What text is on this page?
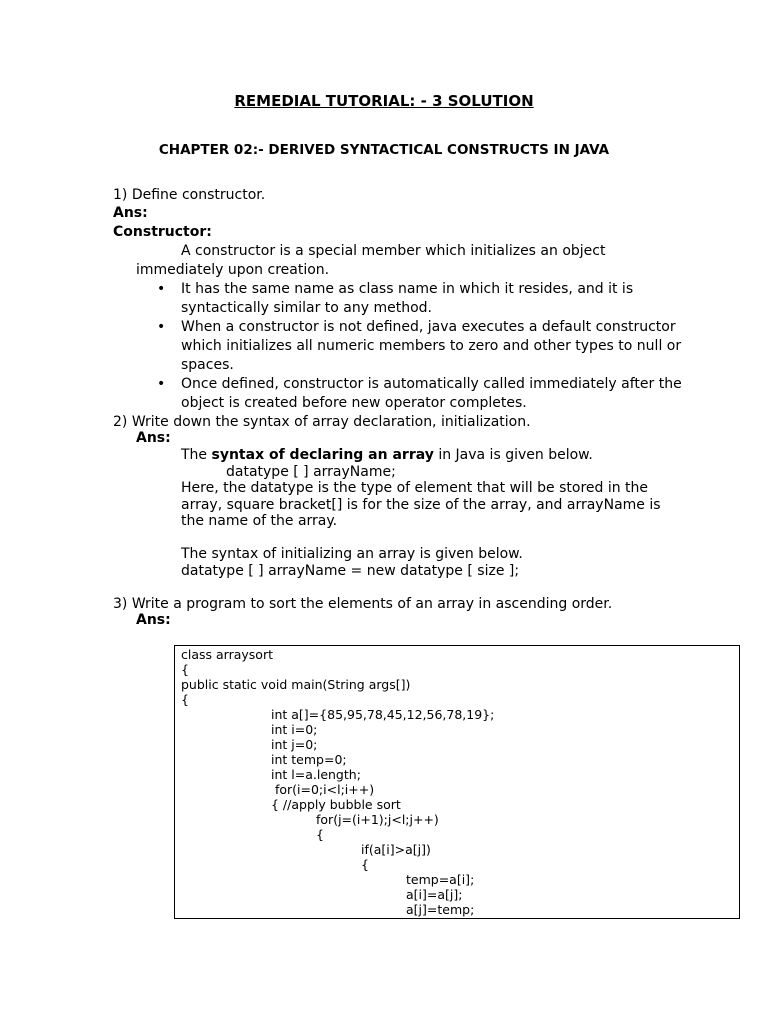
REMEDIAL TUTORIAL: - 3 SOLUTION
CHAPTER 02:- DERIVED SYNTACTICAL CONSTRUCTS IN JAVA
1) Define constructor.
Ans:
Constructor:
A constructor is a special member which initializes an object
immediately upon creation.
• It has the same name as class name in which it resides, and it is
syntactically similar to any method.
• When a constructor is not defined, java executes a default constructor
which initializes all numeric members to zero and other types to null or
spaces.
• Once defined, constructor is automatically called immediately after the
object is created before new operator completes.
2) Write down the syntax of array declaration, initialization.
Ans:
The syntax of declaring an array in Java is given below.
datatype [ ] arrayName;
Here, the datatype is the type of element that will be stored in the
array, square bracket[] is for the size of the array, and arrayName is
the name of the array.
The syntax of initializing an array is given below.
datatype [ ] arrayName = new datatype [ size ];
3) Write a program to sort the elements of an array in ascending order.
Ans:
class arraysort
{
public static void main(String args[])
{
int a[]={85,95,78,45,12,56,78,19};
int i=0;
int j=0;
int temp=0;
int l=a.length;
for(i=0;i<l;i++)
{ //apply bubble sort
for(j=(i+1);j<l;j++)
{
if(a[i]>a[j])
{
temp=a[i];
a[i]=a[j];
a[j]=temp;
